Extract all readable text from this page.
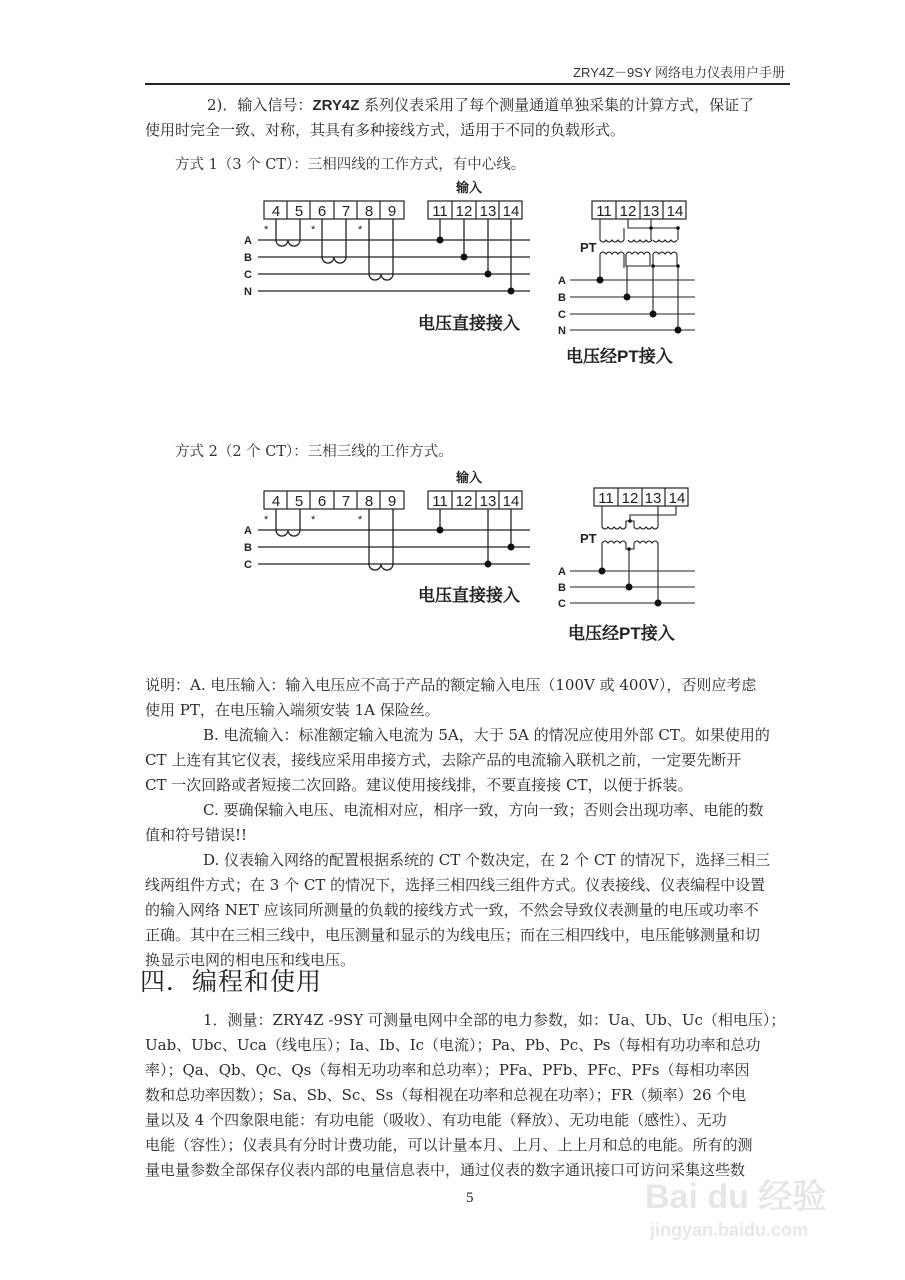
ZRY4Z－9SY 网络电力仪表用户手册
2)．输入信号：ZRY4Z 系列仪表采用了每个测量通道单独采集的计算方式，保证了
使用时完全一致、对称，其具有多种接线方式，适用于不同的负载形式。
方式 1（3 个 CT）：三相四线的工作方式，有中心线。
输入
4 5 6 7 8 9 11 12 13 14
*	*	*
A
B
C
N
电压直接接入
11 12 13 14
PT
A
B
C
N
电压经PT接入
方式 2（2 个 CT）：三相三线的工作方式。
输入
4 5 6 7 8 9 11 12 13 14
*	*	*
A
B
C
电压直接接入
11 12 13 14
PT
A
B
C
电压经PT接入
说明：A. 电压输入：输入电压应不高于产品的额定输入电压（100V 或 400V），否则应考虑
使用 PT，在电压输入端须安装 1A 保险丝。
B. 电流输入：标准额定输入电流为 5A，大于 5A 的情况应使用外部 CT。如果使用的
CT 上连有其它仪表，接线应采用串接方式，去除产品的电流输入联机之前，一定要先断开
CT 一次回路或者短接二次回路。建议使用接线排，不要直接接 CT，以便于拆装。
C. 要确保输入电压、电流相对应，相序一致，方向一致；否则会出现功率、电能的数
值和符号错误!!
D. 仪表输入网络的配置根据系统的 CT 个数决定，在 2 个 CT 的情况下，选择三相三
线两组件方式；在 3 个 CT 的情况下，选择三相四线三组件方式。仪表接线、仪表编程中设置
的输入网络 NET 应该同所测量的负载的接线方式一致，不然会导致仪表测量的电压或功率不
正确。其中在三相三线中，电压测量和显示的为线电压；而在三相四线中，电压能够测量和切
换显示电网的相电压和线电压。
四．编程和使用
1．测量：ZRY4Z -9SY 可测量电网中全部的电力参数，如：Ua、Ub、Uc（相电压）；
Uab、Ubc、Uca（线电压）；Ia、Ib、Ic（电流）；Pa、Pb、Pc、Ps（每相有功功率和总功
率）；Qa、Qb、Qc、Qs（每相无功功率和总功率）；PFa、PFb、PFc、PFs（每相功率因
数和总功率因数）；Sa、Sb、Sc、Ss（每相视在功率和总视在功率）；FR（频率）26 个电
量以及 4 个四象限电能：有功电能（吸收）、有功电能（释放）、无功电能（感性）、无功
电能（容性）；仪表具有分时计费功能，可以计量本月、上月、上上月和总的电能。所有的测
量电量参数全部保存仪表内部的电量信息表中，通过仪表的数字通讯接口可访问采集这些数
5	Bai du 经验
jingyan.baidu.com
